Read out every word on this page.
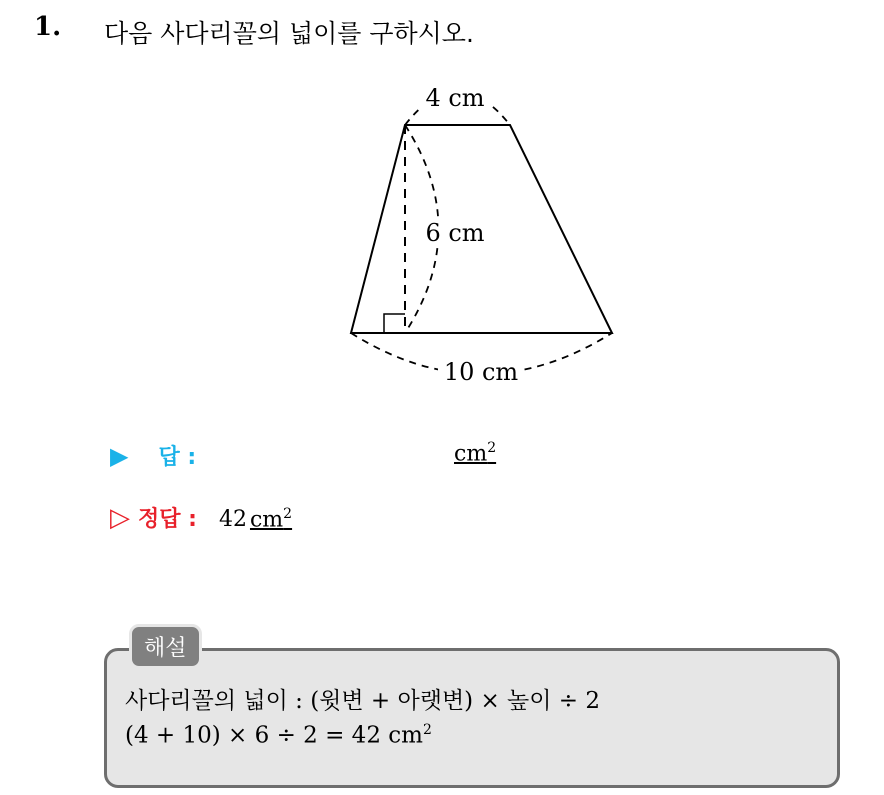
1. 다음 사다리꼴의 넓이를 구하시오.
4 cm
6 cm
10 cm
▶ 답 :	$cm^2$
▷ 정답 : 42 $cm^2$
해설
사다리꼴의 넓이 : (윗변 + 아랫변) × 높이 ÷ 2
(4 + 10) × 6 ÷ 2 = 42 $cm^2$
